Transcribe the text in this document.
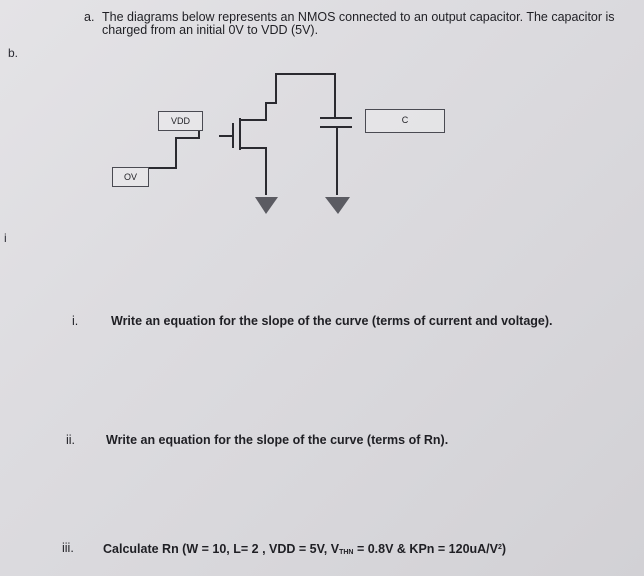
b.
i
a. The diagrams below represents an NMOS connected to an output capacitor. The capacitor is
charged from an initial 0V to VDD (5V).
VDD
OV
C
i.	Write an equation for the slope of the curve (terms of current and voltage).
ii. Write an equation for the slope of the curve (terms of Rn).
iii. Calculate Rn (W = 10, L= 2 , VDD = 5V, $V_{THN} = 0.8V$ & KPn = $120uA/V^2$)
